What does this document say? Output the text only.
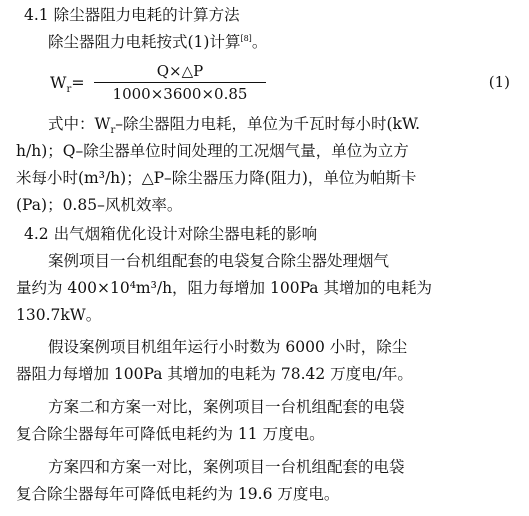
4.1 除尘器阻力电耗的计算方法
除尘器阻力电耗按式(1)计算[8]。
$W_r=$
Q×△P
1000×3600×0.85
(1)
式中：$W_r-$除尘器阻力电耗，单位为千瓦时每小时(kW.
h/h)；Q–除尘器单位时间处理的工况烟气量，单位为立方
米每小时(m³/h)；△P–除尘器压力降(阻力)，单位为帕斯卡
(Pa)；0.85–风机效率。
4.2 出气烟箱优化设计对除尘器电耗的影响
案例项目一台机组配套的电袋复合除尘器处理烟气
量约为 400×10⁴m³/h，阻力每增加 100Pa 其增加的电耗为
130.7kW。
假设案例项目机组年运行小时数为 6000 小时，除尘
器阻力每增加 100Pa 其增加的电耗为 78.42 万度电/年。
方案二和方案一对比，案例项目一台机组配套的电袋
复合除尘器每年可降低电耗约为 11 万度电。
方案四和方案一对比，案例项目一台机组配套的电袋
复合除尘器每年可降低电耗约为 19.6 万度电。
